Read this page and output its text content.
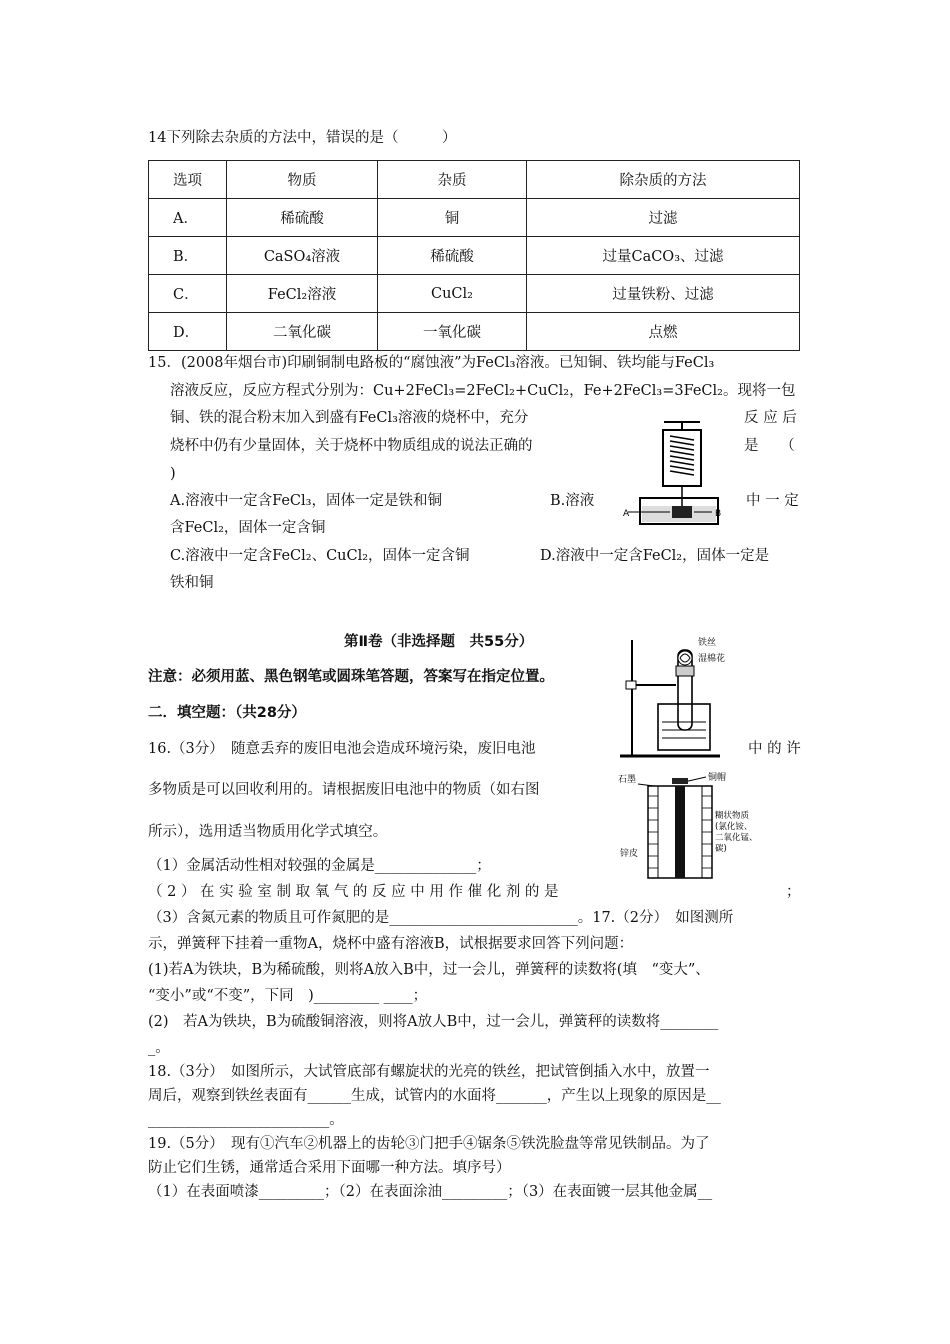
14下列除去杂质的方法中，错误的是（　　　）
选项	物质	杂质	除杂质的方法
A．	稀硫酸	铜	过滤
B．	CaSO₄溶液	稀硫酸	过量CaCO₃、过滤
C．	FeCl₂溶液	CuCl₂	过量铁粉、过滤
D．	二氧化碳	一氧化碳	点燃
15．(2008年烟台市)印刷铜制电路板的“腐蚀液”为FeCl₃溶液。已知铜、铁均能与FeCl₃
溶液反应，反应方程式分别为：Cu+2FeCl₃=2FeCl₂+CuCl₂，Fe+2FeCl₃=3FeCl₂。现将一包
铜、铁的混合粉末加入到盛有FeCl₃溶液的烧杯中，充分	反 应 后
烧杯中仍有少量固体，关于烧杯中物质组成的说法正确的	是　　（
)
A.溶液中一定含FeCl₃，固体一定是铁和铜	B.溶液	中 一 定
含FeCl₂，固体一定含铜
C.溶液中一定含FeCl₂、CuCl₂，固体一定含铜	D.溶液中一定含FeCl₂，固体一定是
铁和铜
A	B
第Ⅱ卷（非选择题　共55分）
注意：必须用蓝、黑色钢笔或圆珠笔答题，答案写在指定位置。
二．填空题：（共28分）
铁丝
湿棉花
16.（3分）　随意丢弃的废旧电池会造成环境污染，废旧电池	中 的 许
多物质是可以回收利用的。请根据废旧电池中的物质（如右图
所示），选用适当物质用化学式填空。
石墨	铜帽
糊状物质
(氯化铵、
二氧化锰、
碳)
锌皮
（1）金属活动性相对较强的金属是______________；
（ 2 ） 在 实 验 室 制 取 氧 气 的 反 应 中 用 作 催 化 剂 的 是	；
（3）含氮元素的物质且可作氮肥的是__________________________。17.（2分）　如图测所
示，弹簧秤下挂着一重物A，烧杯中盛有溶液B，试根据要求回答下列问题：
(1)若A为铁块，B为稀硫酸，则将A放入B中，过一会儿，弹簧秤的读数将(填　“变大”、
“变小”或“不变”，下同　)_________ ____；
(2)　若A为铁块，B为硫酸铜溶液，则将A放人B中，过一会儿，弹簧秤的读数将________
_。
18.（3分）　如图所示，大试管底部有螺旋状的光亮的铁丝，把试管倒插入水中，放置一
周后，观察到铁丝表面有______生成，试管内的水面将_______，产生以上现象的原因是__
_________________________。
19.（5分）　现有①汽车②机器上的齿轮③门把手④锯条⑤铁洗脸盘等常见铁制品。为了
防止它们生锈，通常适合采用下面哪一种方法。填序号）
（1）在表面喷漆_________；（2）在表面涂油_________；（3）在表面镀一层其他金属__
